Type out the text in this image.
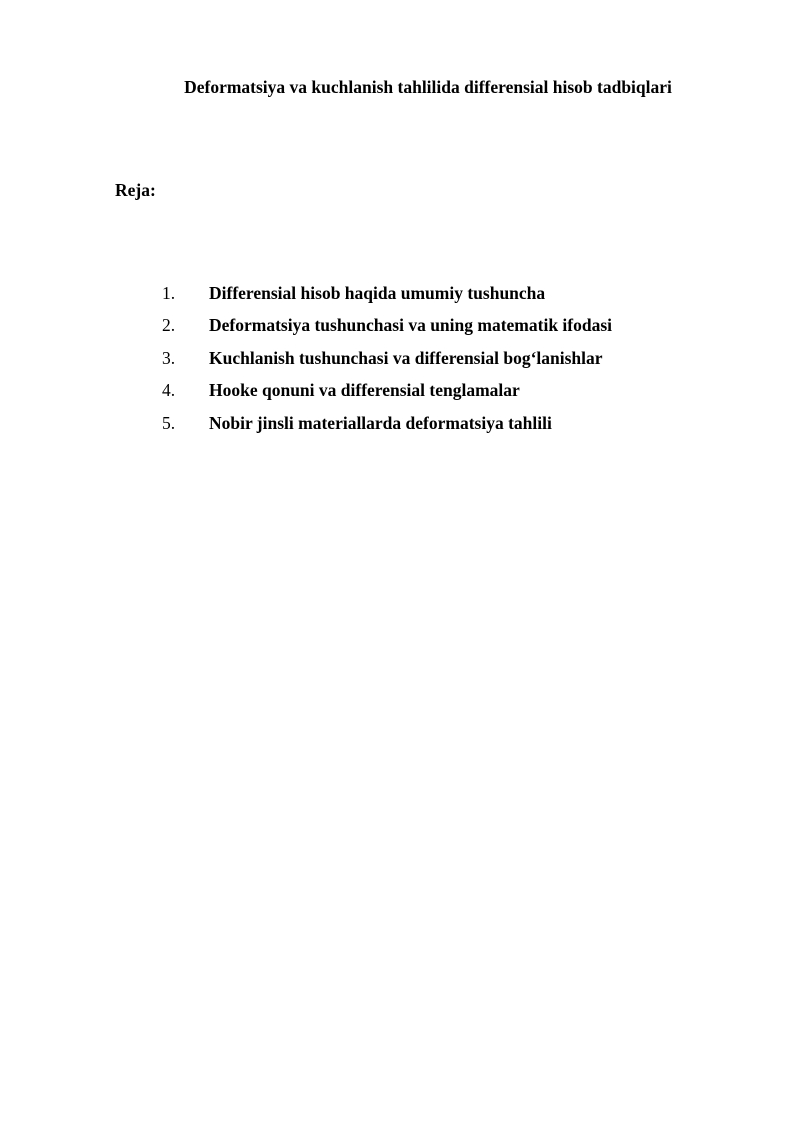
Deformatsiya va kuchlanish tahlilida differensial hisob tadbiqlari
Reja:
1. Differensial hisob haqida umumiy tushuncha
2. Deformatsiya tushunchasi va uning matematik ifodasi
3. Kuchlanish tushunchasi va differensial bog‘lanishlar
4. Hooke qonuni va differensial tenglamalar
5. Nobir jinsli materiallarda deformatsiya tahlili
